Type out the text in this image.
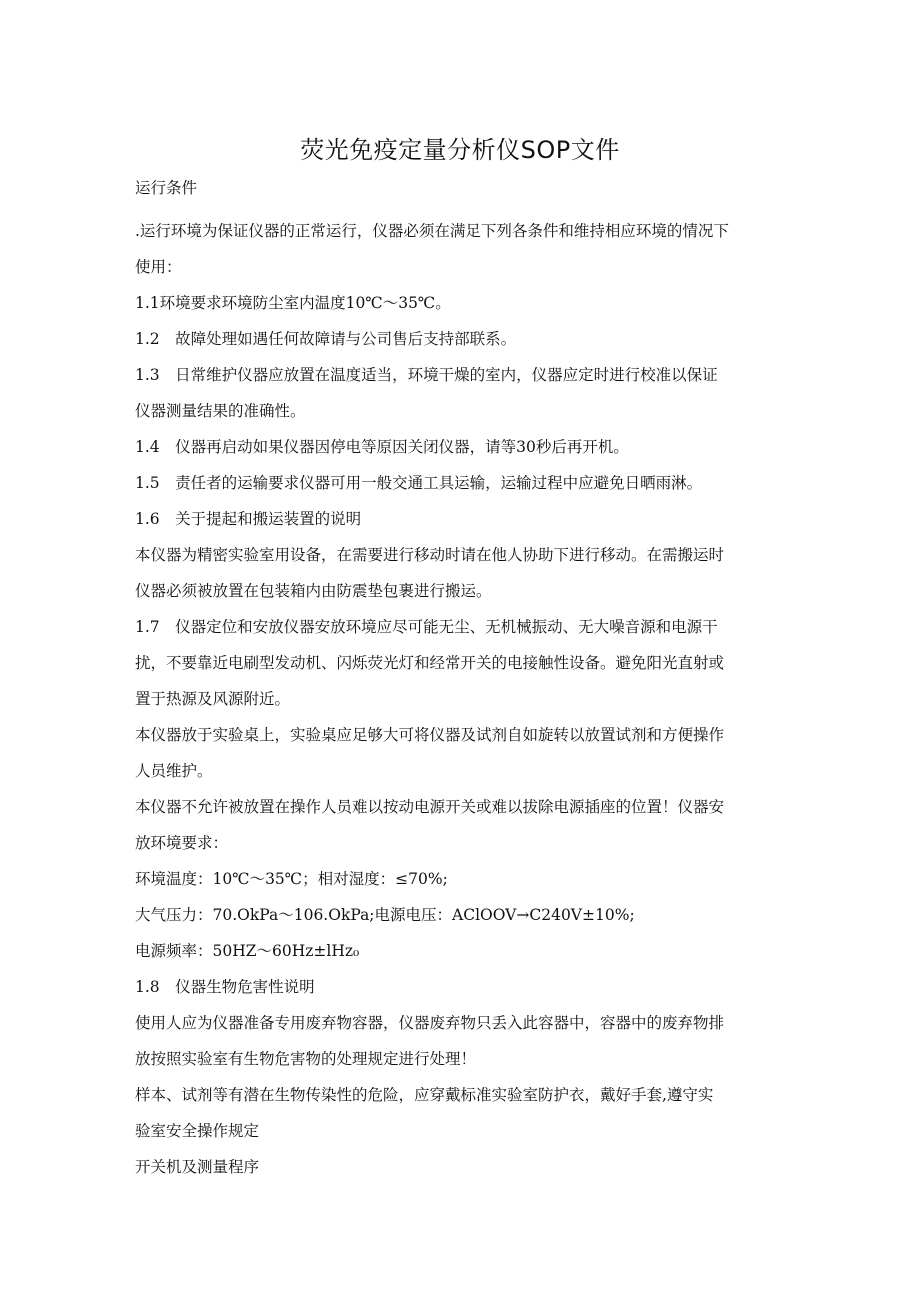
荧光免疫定量分析仪SOP文件
运行条件
.运行环境为保证仪器的正常运行，仪器必须在满足下列各条件和维持相应环境的情况下
使用：
1.1环境要求环境防尘室内温度10℃～35℃。
1.2　故障处理如遇任何故障请与公司售后支持部联系。
1.3　日常维护仪器应放置在温度适当，环境干燥的室内，仪器应定时进行校准以保证
仪器测量结果的准确性。
1.4　仪器再启动如果仪器因停电等原因关闭仪器，请等30秒后再开机。
1.5　责任者的运输要求仪器可用一般交通工具运输，运输过程中应避免日晒雨淋。
1.6　关于提起和搬运装置的说明
本仪器为精密实验室用设备，在需要进行移动时请在他人协助下进行移动。在需搬运时
仪器必须被放置在包装箱内由防震垫包裹进行搬运。
1.7　仪器定位和安放仪器安放环境应尽可能无尘、无机械振动、无大噪音源和电源干
扰，不要靠近电刷型发动机、闪烁荧光灯和经常开关的电接触性设备。避免阳光直射或
置于热源及风源附近。
本仪器放于实验桌上，实验桌应足够大可将仪器及试剂自如旋转以放置试剂和方便操作
人员维护。
本仪器不允许被放置在操作人员难以按动电源开关或难以拔除电源插座的位置！仪器安
放环境要求：
环境温度：10℃～35℃；相对湿度：≤70%;
大气压力：70.OkPa～106.OkPa;电源电压：AClOOV→C240V±10%;
电源频率：50HZ～60Hz±lHz₀
1.8　仪器生物危害性说明
使用人应为仪器准备专用废弃物容器，仪器废弃物只丢入此容器中，容器中的废弃物排
放按照实验室有生物危害物的处理规定进行处理！
样本、试剂等有潜在生物传染性的危险，应穿戴标准实验室防护衣，戴好手套,遵守实
验室安全操作规定
开关机及测量程序
